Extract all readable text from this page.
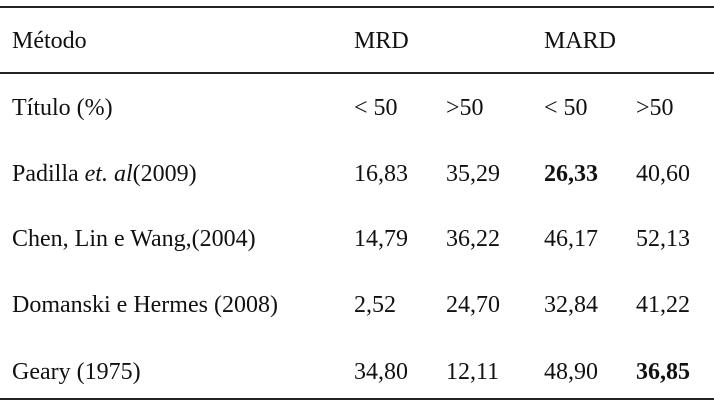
Método	MRD	MARD
Título (%)	< 50 >50	< 50 >50
Padilla et. al(2009)	16,83 35,29 26,33 40,60
Chen, Lin e Wang,(2004)	14,79 36,22 46,17 52,13
Domanski e Hermes (2008)	2,52 24,70 32,84 41,22
Geary (1975)	34,80 12,11 48,90 36,85
